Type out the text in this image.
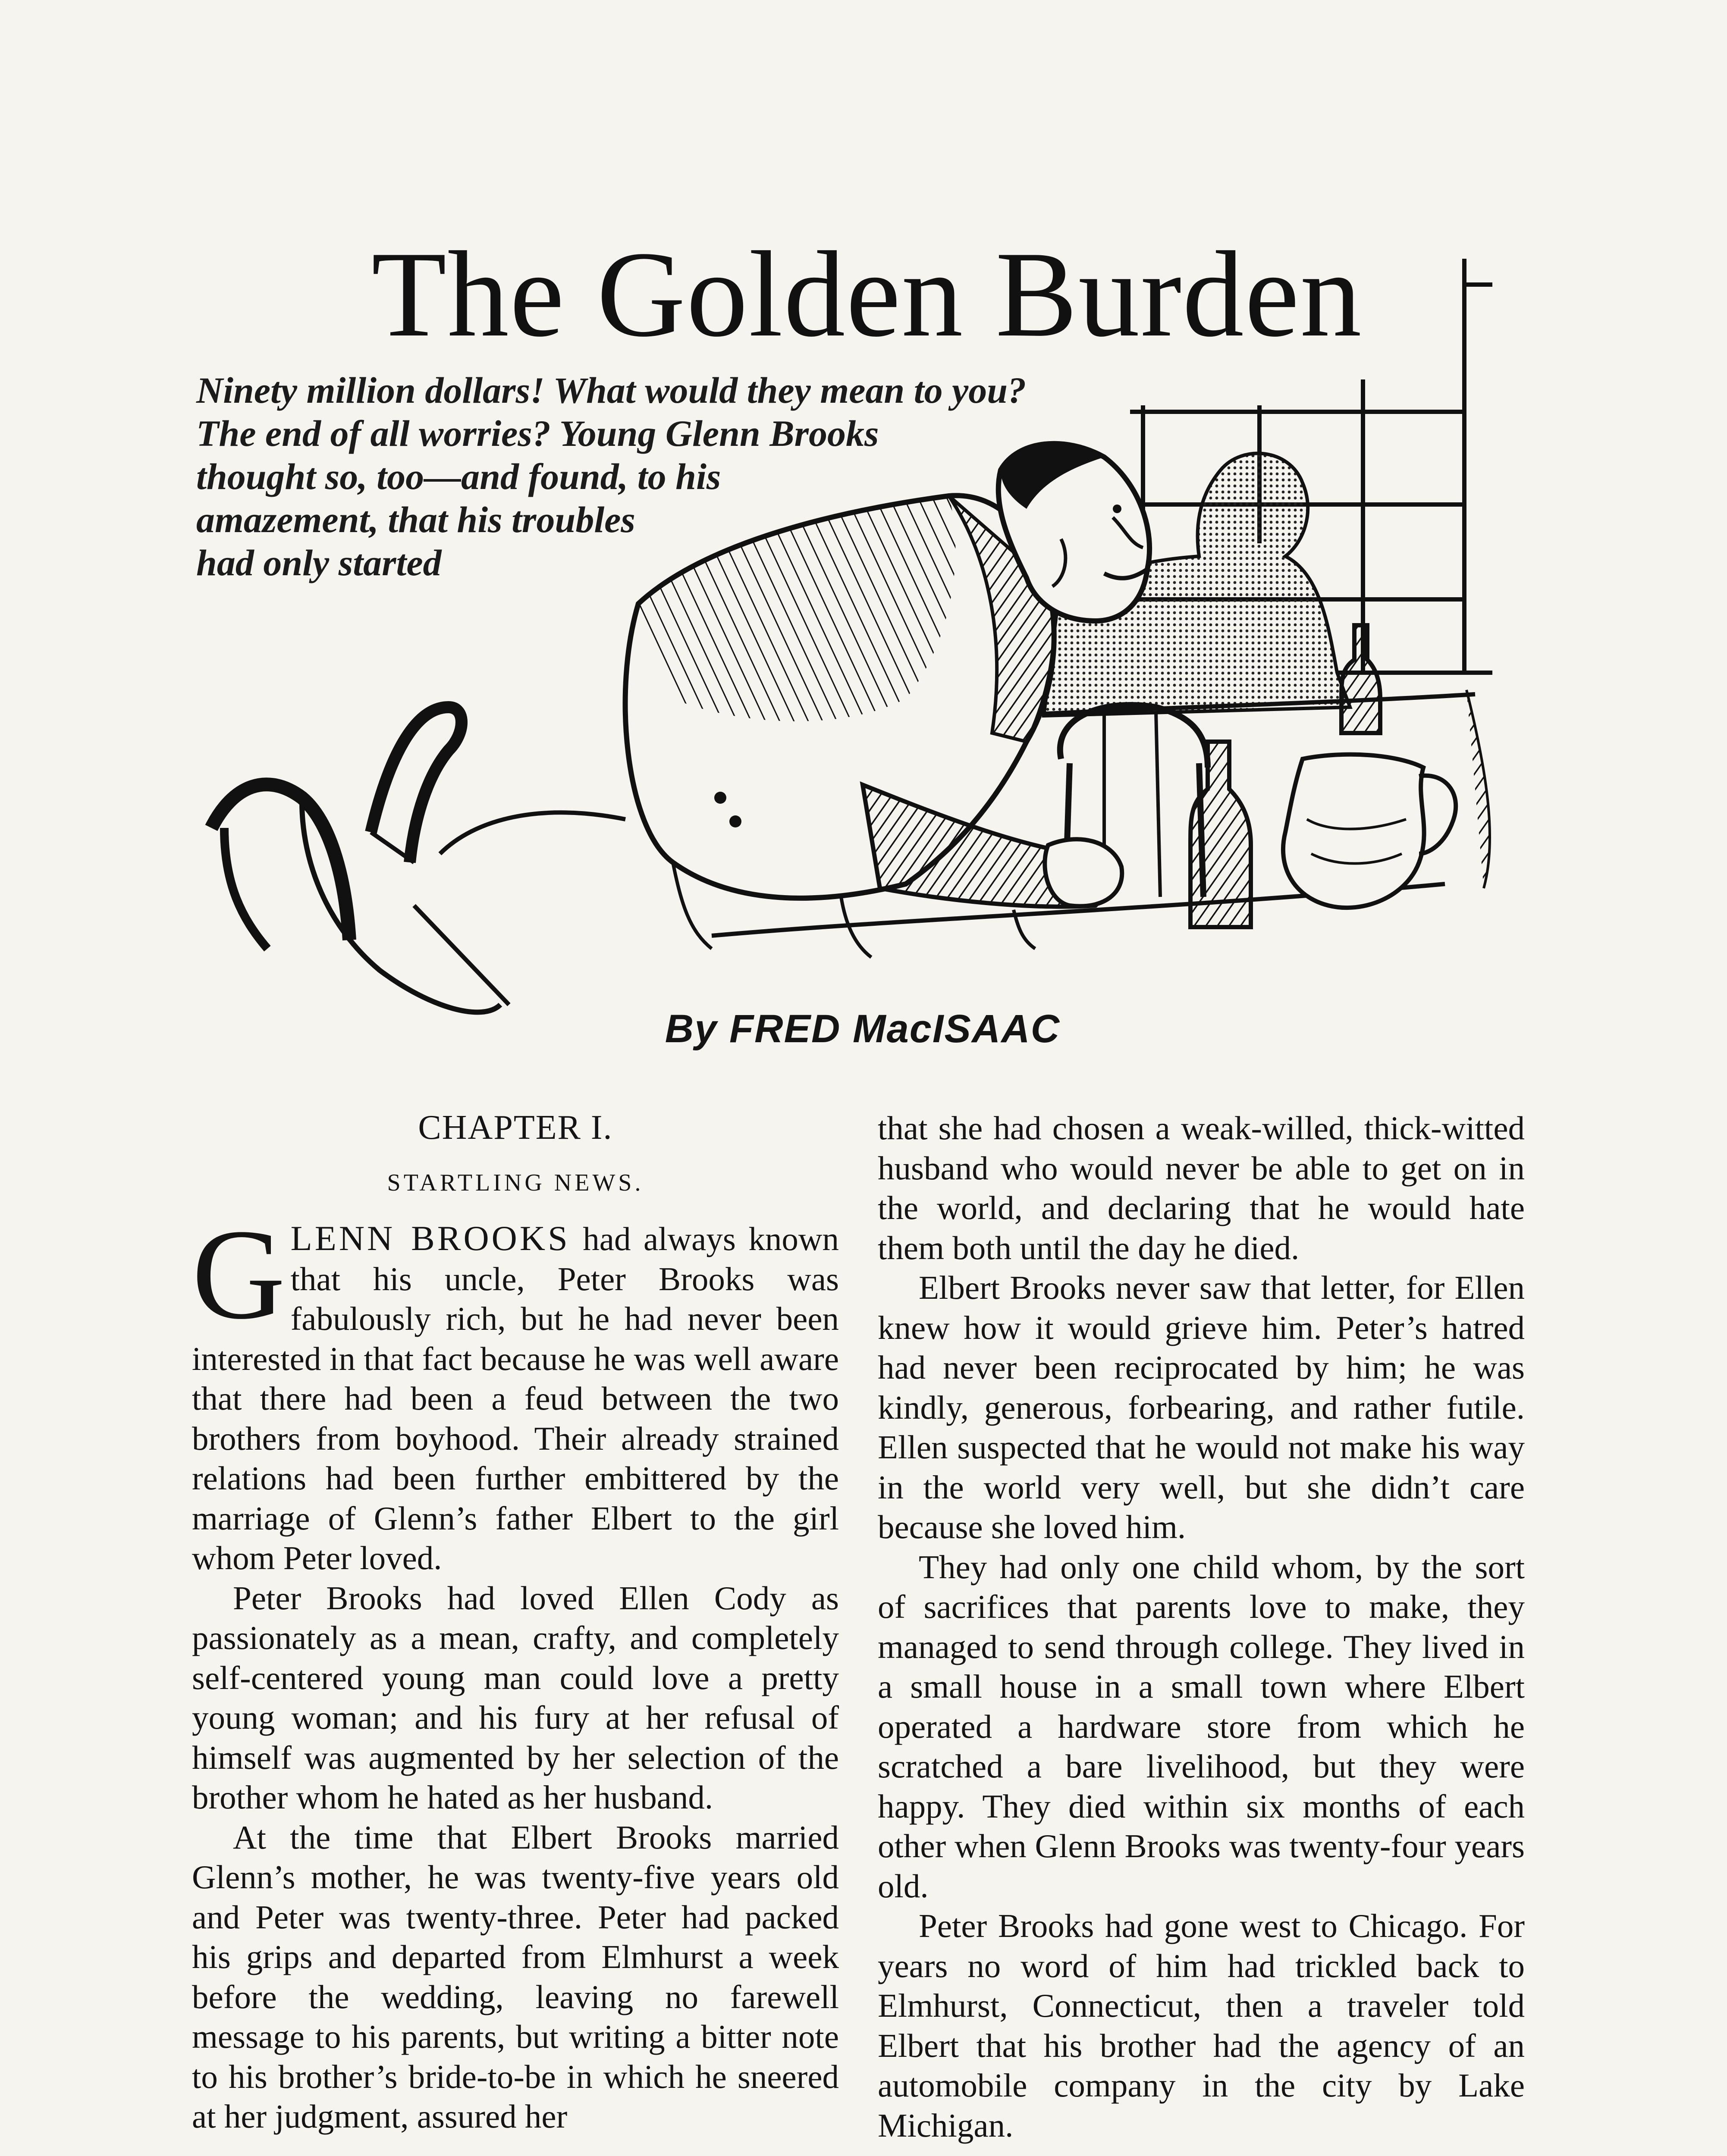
The Golden Burden
Ninety million dollars! What would they mean to you?
The end of all worries? Young Glenn Brooks
thought so, too—and found, to his
amazement, that his troubles
had only started
By FRED MacISAAC
CHAPTER I.
STARTLING NEWS.

GLENN BROOKS had always known that his uncle, Peter Brooks was fabulously rich, but he had never been interested in that fact because he was well aware that there had been a feud between the two brothers from boyhood. Their already strained relations had been further embittered by the marriage of Glenn’s father Elbert to the girl whom Peter loved.

Peter Brooks had loved Ellen Cody as passionately as a mean, crafty, and completely self-centered young man could love a pretty young woman; and his fury at her refusal of himself was augmented by her selection of the brother whom he hated as her husband.

At the time that Elbert Brooks married Glenn’s mother, he was twenty-five years old and Peter was twenty-three. Peter had packed his grips and departed from Elmhurst a week before the wedding, leaving no farewell message to his parents, but writing a bitter note to his brother’s bride-to-be in which he sneered at her judgment, assured her

that she had chosen a weak-willed, thick-witted husband who would never be able to get on in the world, and declaring that he would hate them both until the day he died.

Elbert Brooks never saw that letter, for Ellen knew how it would grieve him. Peter’s hatred had never been reciprocated by him; he was kindly, generous, forbearing, and rather futile. Ellen suspected that he would not make his way in the world very well, but she didn’t care because she loved him.

They had only one child whom, by the sort of sacrifices that parents love to make, they managed to send through college. They lived in a small house in a small town where Elbert operated a hardware store from which he scratched a bare livelihood, but they were happy. They died within six months of each other when Glenn Brooks was twenty-four years old.

Peter Brooks had gone west to Chicago. For years no word of him had trickled back to Elmhurst, Connecticut, then a traveler told Elbert that his brother had the agency of an automobile company in the city by Lake Michigan.
